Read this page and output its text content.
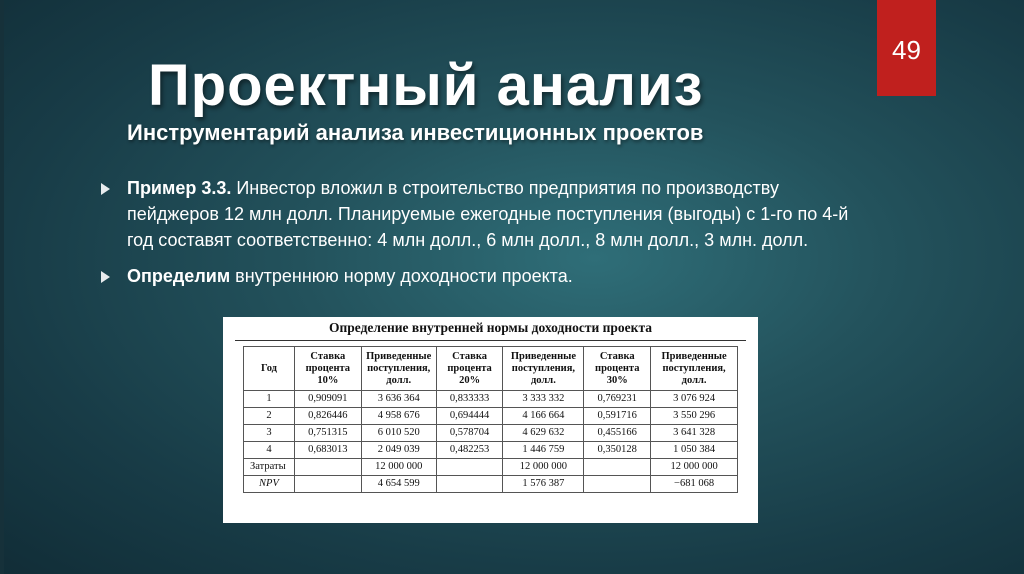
49
Проектный анализ
Инструментарий анализа инвестиционных проектов
Пример 3.3. Инвестор вложил в строительство предприятия по производству пейджеров 12 млн долл. Планируемые ежегодные поступления (выгоды) с 1-го по 4-й год составят соответственно: 4 млн долл., 6 млн долл., 8 млн долл., 3 млн. долл.
Определим внутреннюю норму доходности проекта.
Определение внутренней нормы доходности проекта
Год	Ставка процента 10%	Приведенные поступления, долл.	Ставка процента 20%	Приведенные поступления, долл.	Ставка процента 30%	Приведенные поступления, долл.
1	0,909091	3 636 364	0,833333	3 333 332	0,769231	3 076 924
2	0,826446	4 958 676	0,694444	4 166 664	0,591716	3 550 296
3	0,751315	6 010 520	0,578704	4 629 632	0,455166	3 641 328
4	0,683013	2 049 039	0,482253	1 446 759	0,350128	1 050 384
Затраты		12 000 000		12 000 000		12 000 000
NPV		4 654 599		1 576 387		−681 068
